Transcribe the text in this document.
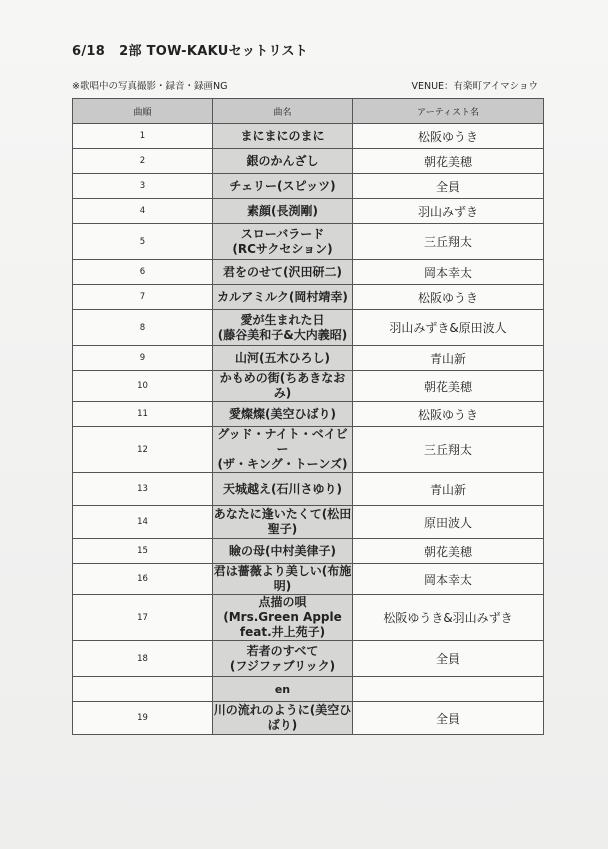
6/18 2部 TOW-KAKUセットリスト
※歌唱中の写真撮影・録音・録画NG	VENUE：有楽町アイマショウ
曲順	曲名	アーティスト名
1	まにまにのまに	松阪ゆうき
2	銀のかんざし	朝花美穂
3	チェリー(スピッツ)	全員
4	素顔(長渕剛)	羽山みずき
5	スローバラード
(RCサクセション)	三丘翔太
6	君をのせて(沢田研二)	岡本幸太
7	カルアミルク(岡村靖幸)	松阪ゆうき
8	愛が生まれた日
(藤谷美和子&大内義昭)	羽山みずき&原田波人
9	山河(五木ひろし)	青山新
10	かもめの街(ちあきなおみ)	朝花美穂
11	愛燦燦(美空ひばり)	松阪ゆうき
12	グッド・ナイト・ベイビー
(ザ・キング・トーンズ)	三丘翔太
13	天城越え(石川さゆり)	青山新
14	あなたに逢いたくて(松田聖子)	原田波人
15	瞼の母(中村美律子)	朝花美穂
16	君は薔薇より美しい(布施明)	岡本幸太
17	点描の唄
(Mrs.Green Apple feat.井上苑子)	松阪ゆうき&羽山みずき
18	若者のすべて
(フジファブリック)	全員

	en	

19	川の流れのように(美空ひばり)	全員
